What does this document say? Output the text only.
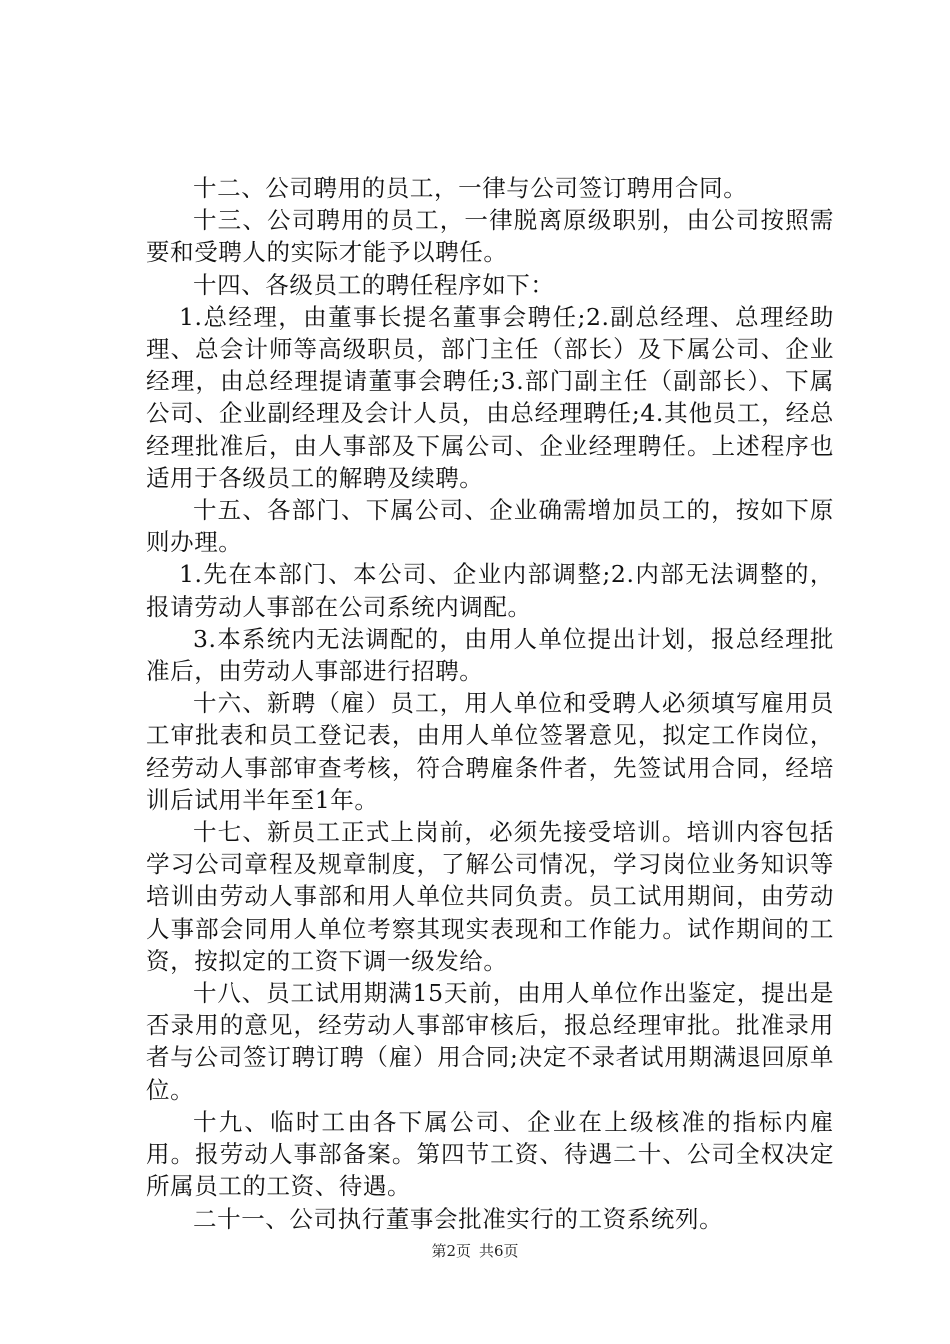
十二、公司聘用的员工，一律与公司签订聘用合同。

十三、公司聘用的员工，一律脱离原级职别，由公司按照需要和受聘人的实际才能予以聘任。

十四、各级员工的聘任程序如下：

1.总经理，由董事长提名董事会聘任;2.副总经理、总理经助理、总会计师等高级职员，部门主任（部长）及下属公司、企业经理，由总经理提请董事会聘任;3.部门副主任（副部长）、下属公司、企业副经理及会计人员，由总经理聘任;4.其他员工，经总经理批准后，由人事部及下属公司、企业经理聘任。上述程序也适用于各级员工的解聘及续聘。

十五、各部门、下属公司、企业确需增加员工的，按如下原则办理。

1.先在本部门、本公司、企业内部调整;2.内部无法调整的，报请劳动人事部在公司系统内调配。

3.本系统内无法调配的，由用人单位提出计划，报总经理批准后，由劳动人事部进行招聘。

十六、新聘（雇）员工，用人单位和受聘人必须填写雇用员工审批表和员工登记表，由用人单位签署意见，拟定工作岗位，经劳动人事部审查考核，符合聘雇条件者，先签试用合同，经培训后试用半年至1年。

十七、新员工正式上岗前，必须先接受培训。培训内容包括学习公司章程及规章制度，了解公司情况，学习岗位业务知识等培训由劳动人事部和用人单位共同负责。员工试用期间，由劳动人事部会同用人单位考察其现实表现和工作能力。试作期间的工资，按拟定的工资下调一级发给。

十八、员工试用期满15天前，由用人单位作出鉴定，提出是否录用的意见，经劳动人事部审核后，报总经理审批。批准录用者与公司签订聘订聘（雇）用合同;决定不录者试用期满退回原单位。

十九、临时工由各下属公司、企业在上级核准的指标内雇用。报劳动人事部备案。第四节工资、待遇二十、公司全权决定所属员工的工资、待遇。

二十一、公司执行董事会批准实行的工资系统列。

第2页 共6页
